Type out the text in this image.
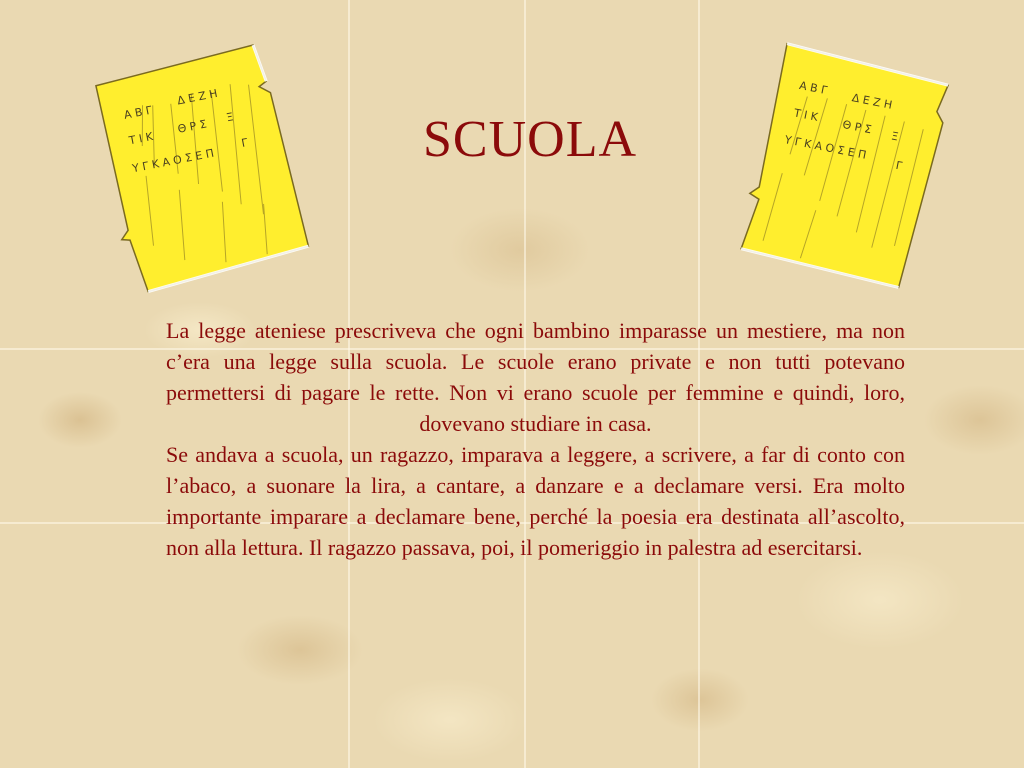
Α Β Γ
Δ Ε Ζ Η
Τ Ι Κ
Θ Ρ Σ
Ξ
Υ Γ Κ Α Ο Σ Ε Π
Γ
Α Β Γ
Δ Ε Ζ Η
Τ Ι Κ
Θ Ρ Σ
Ξ
Υ Γ Κ Α Ο Σ Ε Π
Γ
SCUOLA

La legge ateniese prescriveva che ogni bambino imparasse un mestiere, ma non c’era una legge sulla scuola. Le scuole erano private e non tutti potevano permettersi di pagare le rette. Non vi erano scuole per femmine e quindi, loro, dovevano studiare in casa.

Se andava a scuola, un ragazzo, imparava a leggere, a scrivere, a far di conto con l’abaco, a suonare la lira, a cantare, a danzare e a declamare versi. Era molto importante imparare a declamare bene, perché la poesia era destinata all’ascolto, non alla lettura. Il ragazzo passava, poi, il pomeriggio in palestra ad esercitarsi.
